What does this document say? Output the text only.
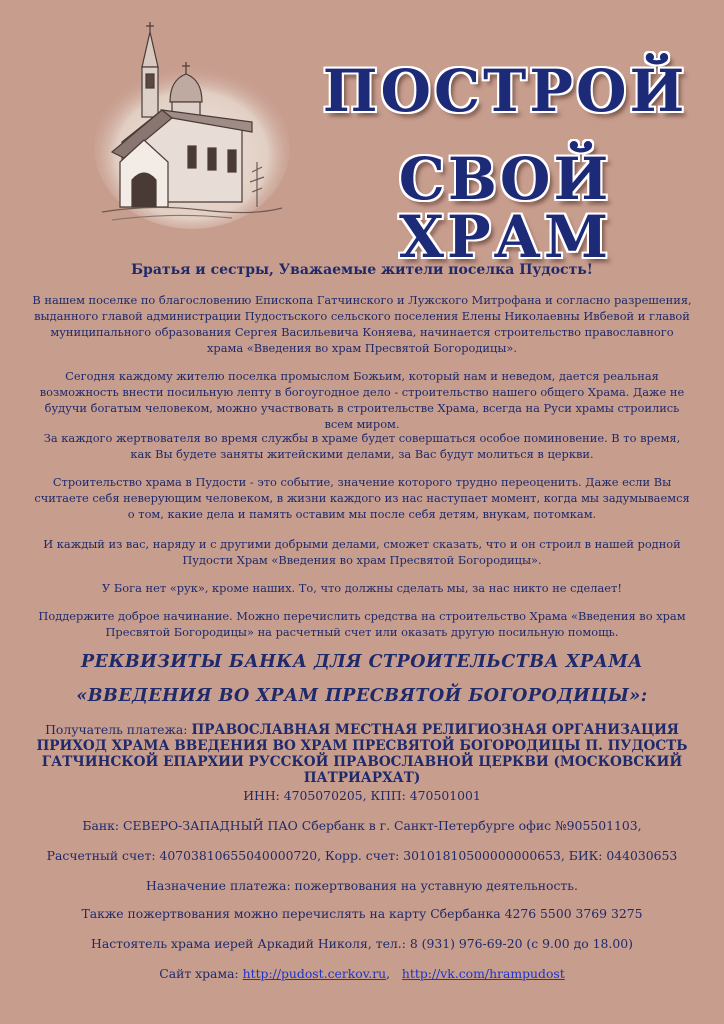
ПОСТРОЙ
СВОЙ ХРАМ
Братья и сестры, Уважаемые жители поселка Пудость!

В нашем поселке по благословению Епископа Гатчинского и Лужского Митрофана и согласно разрешения, выданного главой администрации Пудостьского сельского поселения Елены Николаевны Ивбевой и главой муниципального образования Сергея Васильевича Коняева, начинается строительство православного храма «Введения во храм Пресвятой Богородицы».

Сегодня каждому жителю поселка промыслом Божьим, который нам и неведом, дается реальная возможность внести посильную лепту в богоугодное дело - строительство нашего общего Храма. Даже не будучи богатым человеком, можно участвовать в строительстве Храма, всегда на Руси храмы строились всем миром.

За каждого жертвователя во время службы в храме будет совершаться особое поминовение. В то время, как Вы будете заняты житейскими делами, за Вас будут молиться в церкви.

Строительство храма в Пудости - это событие, значение которого трудно переоценить. Даже если Вы считаете себя неверующим человеком, в жизни каждого из нас наступает момент, когда мы задумываемся о том, какие дела и память оставим мы после себя детям, внукам, потомкам.

И каждый из вас, наряду и с другими добрыми делами, сможет сказать, что и он строил в нашей родной Пудости Храм «Введения во храм Пресвятой Богородицы».

У Бога нет «рук», кроме наших. То, что должны сделать мы, за нас никто не сделает!

Поддержите доброе начинание. Можно перечислить средства на строительство Храма «Введения во храм Пресвятой Богородицы» на расчетный счет или оказать другую посильную помощь.

РЕКВИЗИТЫ БАНКА ДЛЯ СТРОИТЕЛЬСТВА ХРАМА
«ВВЕДЕНИЯ ВО ХРАМ ПРЕСВЯТОЙ БОГОРОДИЦЫ»:
Получатель платежа: ПРАВОСЛАВНАЯ МЕСТНАЯ РЕЛИГИОЗНАЯ ОРГАНИЗАЦИЯ ПРИХОД ХРАМА ВВЕДЕНИЯ ВО ХРАМ ПРЕСВЯТОЙ БОГОРОДИЦЫ П. ПУДОСТЬ ГАТЧИНСКОЙ ЕПАРХИИ РУССКОЙ ПРАВОСЛАВНОЙ ЦЕРКВИ (МОСКОВСКИЙ ПАТРИАРХАТ)
ИНН: 4705070205, КПП: 470501001
Банк: СЕВЕРО-ЗАПАДНЫЙ ПАО Сбербанк в г. Санкт-Петербурге офис №905501103,
Расчетный счет: 40703810655040000720, Корр. счет: 30101810500000000653, БИК: 044030653
Назначение платежа: пожертвования на уставную деятельность.
Также пожертвования можно перечислять на карту Сбербанка 4276 5500 3769 3275
Настоятель храма иерей Аркадий Николя, тел.: 8 (931) 976-69-20 (с 9.00 до 18.00)
Сайт храма: http://pudost.cerkov.ru, http://vk.com/hrampudost
